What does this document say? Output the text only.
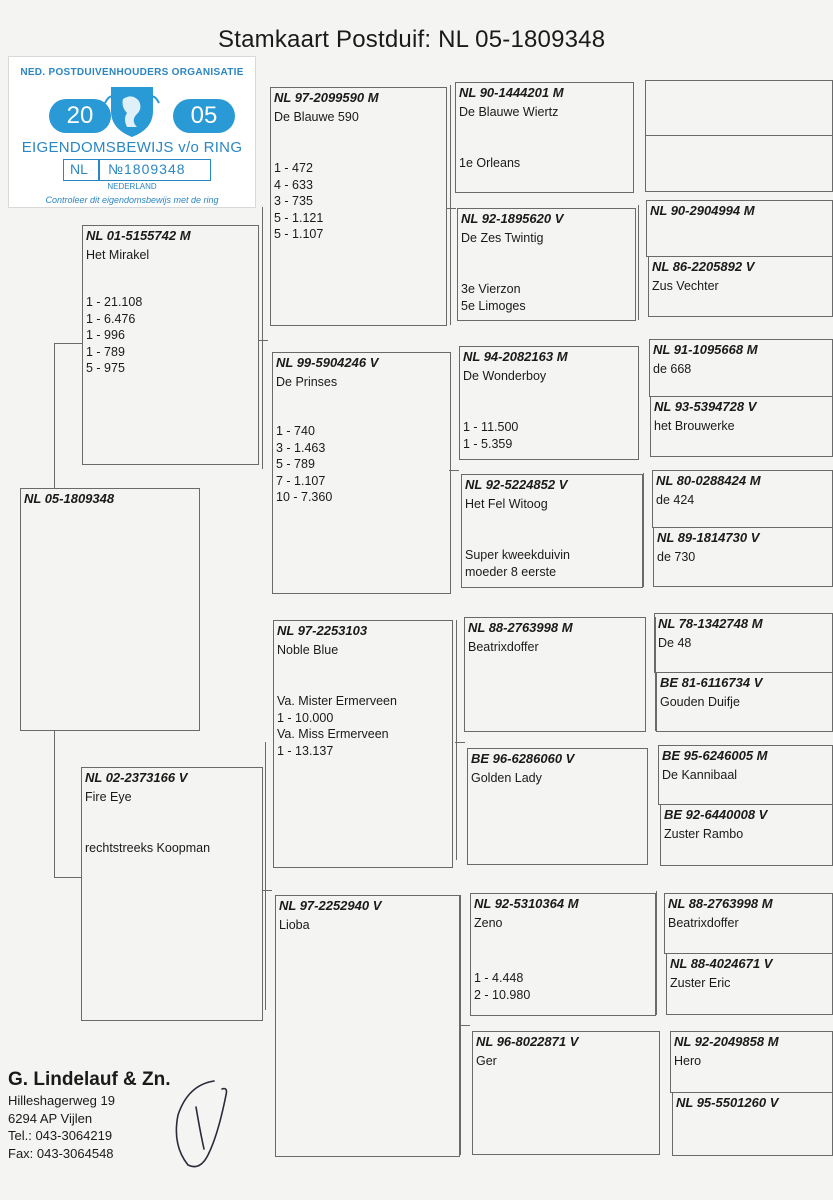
Stamkaart Postduif: NL 05-1809348
NED. POSTDUIVENHOUDERS ORGANISATIE
20	05
EIGENDOMSBEWIJS v/o RING
NL №1809348
NEDERLAND
Controleer dit eigendomsbewijs met de ring
NL 05-1809348
NL 01-5155742 M
Het Mirakel
1 - 21.108
1 - 6.476
1 - 996
1 - 789
5 - 975
NL 02-2373166 V
Fire Eye
rechtstreeks Koopman
NL 97-2099590 M
De Blauwe 590
1 - 472
4 - 633
3 - 735
5 - 1.121
5 - 1.107
NL 99-5904246 V
De Prinses
1 - 740
3 - 1.463
5 - 789
7 - 1.107
10 - 7.360
NL 97-2253103
Noble Blue
Va. Mister Ermerveen
1 - 10.000
Va. Miss Ermerveen
1 - 13.137
NL 97-2252940 V
Lioba
NL 90-1444201 M
De Blauwe Wiertz
1e Orleans
NL 92-1895620 V
De Zes Twintig
3e Vierzon
5e Limoges
NL 94-2082163 M
De Wonderboy
1 - 11.500
1 - 5.359
NL 92-5224852 V
Het Fel Witoog
Super kweekduivin
moeder 8 eerste
NL 88-2763998 M
Beatrixdoffer
BE 96-6286060 V
Golden Lady
NL 92-5310364 M
Zeno
1 - 4.448
2 - 10.980
NL 96-8022871 V
Ger
NL 90-2904994 M
NL 86-2205892 V
Zus Vechter
NL 91-1095668 M
de 668
NL 93-5394728 V
het Brouwerke
NL 80-0288424 M
de 424
NL 89-1814730 V
de 730
NL 78-1342748 M
De 48
BE 81-6116734 V
Gouden Duifje
BE 95-6246005 M
De Kannibaal
BE 92-6440008 V
Zuster Rambo
NL 88-2763998 M
Beatrixdoffer
NL 88-4024671 V
Zuster Eric
NL 92-2049858 M
Hero
NL 95-5501260 V
G. Lindelauf & Zn.
Hilleshagerweg 19
6294 AP Vijlen
Tel.: 043-3064219
Fax: 043-3064548
